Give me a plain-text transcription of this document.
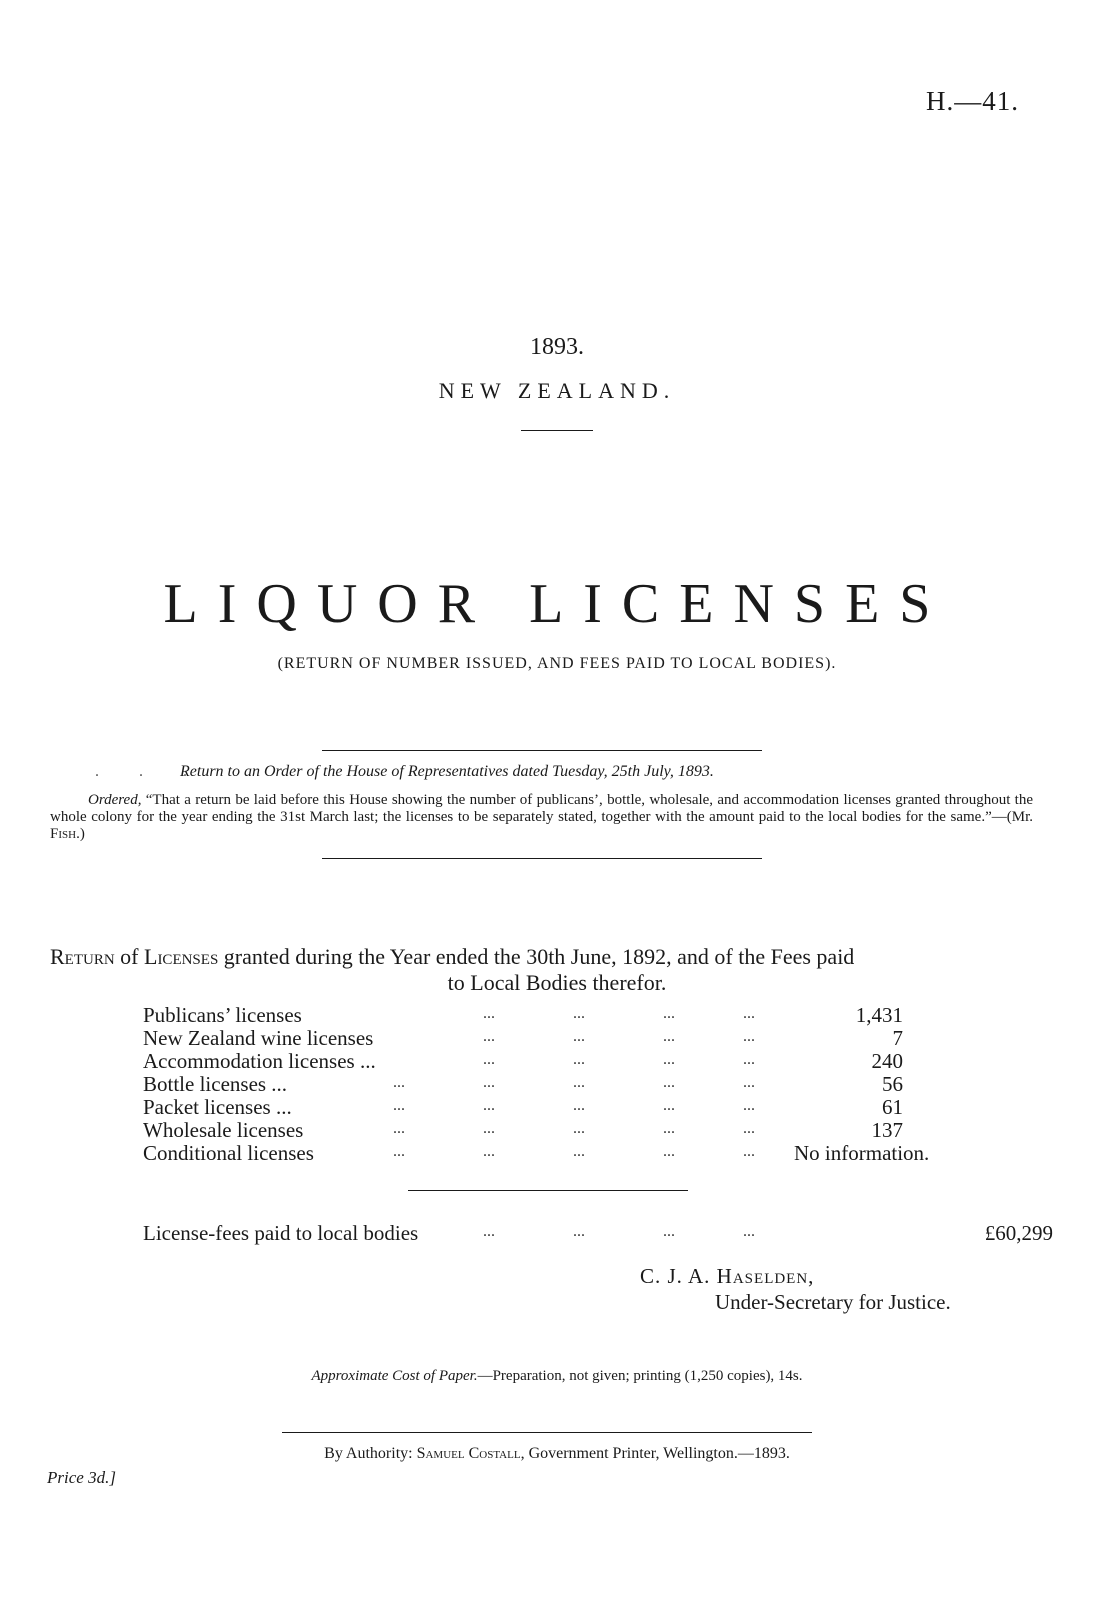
H.—41.
1893.
NEW ZEALAND.
LIQUOR LICENSES
(RETURN OF NUMBER ISSUED, AND FEES PAID TO LOCAL BODIES).
. . .
Return to an Order of the House of Representatives dated Tuesday, 25th July, 1893.
Ordered, “That a return be laid before this House showing the number of publicans’, bottle, wholesale, and accommodation licenses granted throughout the whole colony for the year ending the 31st March last; the licenses to be separately stated, together with the amount paid to the local bodies for the same.”—(Mr. Fish.)
Return of Licenses granted during the Year ended the 30th June, 1892, and of the Fees paid
to Local Bodies therefor.
Publicans’ licenses	...	...	...	...	1,431
New Zealand wine licenses	...	...	...	...	7
Accommodation licenses ...	...	...	...	...	240
Bottle licenses ...	...	...	...	...	...	56
Packet licenses ...	...	...	...	...	...	61
Wholesale licenses	...	...	...	...	...	137
Conditional licenses	...	...	...	...	... No information.
License-fees paid to local bodies	...	...	...	...	£60,299
C. J. A. Haselden,
Under-Secretary for Justice.
Approximate Cost of Paper.—Preparation, not given; printing (1,250 copies), 14s.
By Authority: Samuel Costall, Government Printer, Wellington.—1893.
Price 3d.]
